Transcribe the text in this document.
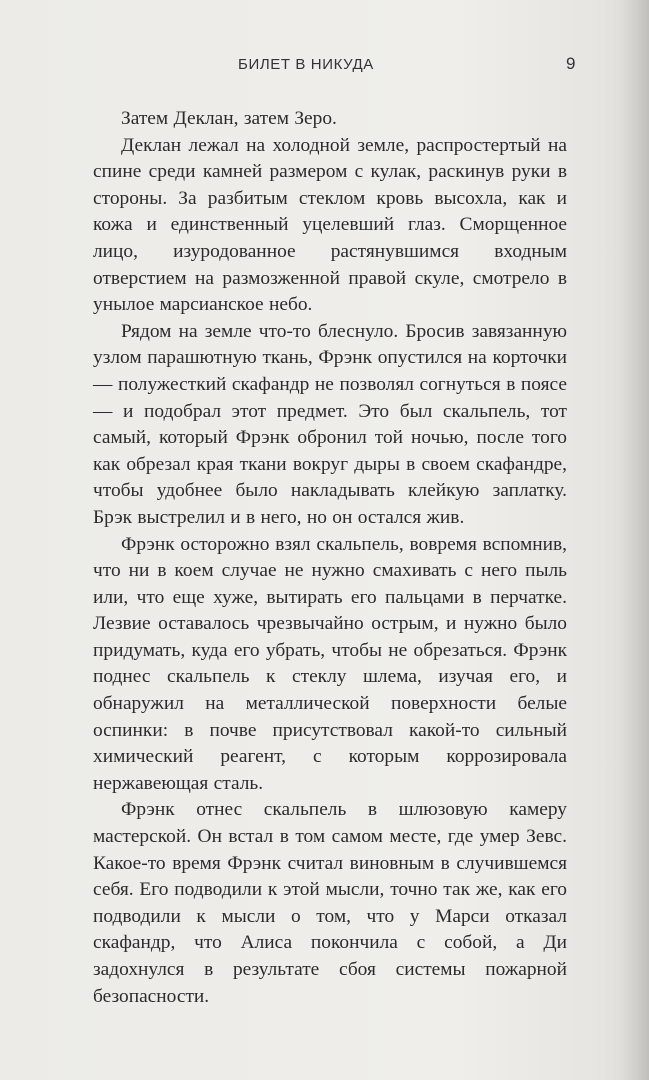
БИЛЕТ В НИКУДА	9

Затем Деклан, затем Зеро.

Деклан лежал на холодной земле, распростертый на спине среди камней размером с кулак, раскинув руки в стороны. За разбитым стеклом кровь высохла, как и кожа и единственный уцелевший глаз. Сморщенное лицо, изуродованное растянувшимся входным отверстием на размозженной правой скуле, смотрело в унылое марсианское небо.

Рядом на земле что-то блеснуло. Бросив завязанную узлом парашютную ткань, Фрэнк опустился на корточки — полужесткий скафандр не позволял согнуться в поясе — и подобрал этот предмет. Это был скальпель, тот самый, который Фрэнк обронил той ночью, после того как обрезал края ткани вокруг дыры в своем скафандре, чтобы удобнее было накладывать клейкую заплатку. Брэк выстрелил и в него, но он остался жив.

Фрэнк осторожно взял скальпель, вовремя вспомнив, что ни в коем случае не нужно смахивать с него пыль или, что еще хуже, вытирать его пальцами в перчатке. Лезвие оставалось чрезвычайно острым, и нужно было придумать, куда его убрать, чтобы не обрезаться. Фрэнк поднес скальпель к стеклу шлема, изучая его, и обнаружил на металлической поверхности белые оспинки: в почве присутствовал какой-то сильный химический реагент, с которым коррозировала нержавеющая сталь.

Фрэнк отнес скальпель в шлюзовую камеру мастерской. Он встал в том самом месте, где умер Зевс. Какое-то время Фрэнк считал виновным в случившемся себя. Его подводили к этой мысли, точно так же, как его подводили к мысли о том, что у Марси отказал скафандр, что Алиса покончила с собой, а Ди задохнулся в результате сбоя системы пожарной безопасности.
